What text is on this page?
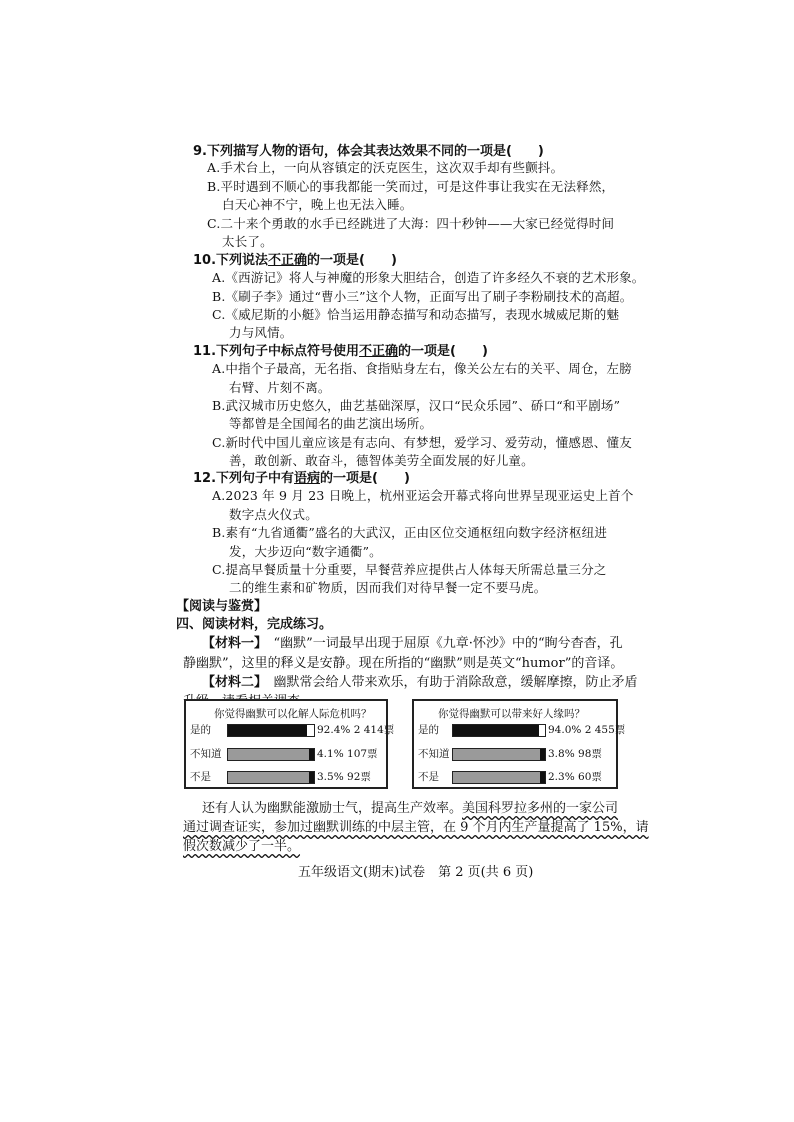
9.下列描写人物的语句，体会其表达效果不同的一项是(　　)
A.手术台上，一向从容镇定的沃克医生，这次双手却有些颤抖。
B.平时遇到不顺心的事我都能一笑而过，可是这件事让我实在无法释然，
白天心神不宁，晚上也无法入睡。
C.二十来个勇敢的水手已经跳进了大海：四十秒钟——大家已经觉得时间
太长了。
10.下列说法不正确的一项是(　　)
A.《西游记》将人与神魔的形象大胆结合，创造了许多经久不衰的艺术形象。
B.《刷子李》通过“曹小三”这个人物，正面写出了刷子李粉刷技术的高超。
C.《威尼斯的小艇》恰当运用静态描写和动态描写，表现水城威尼斯的魅
力与风情。
11.下列句子中标点符号使用不正确的一项是(　　)
A.中指个子最高，无名指、食指贴身左右，像关公左右的关平、周仓，左膀
右臂、片刻不离。
B.武汉城市历史悠久，曲艺基础深厚，汉口“民众乐园”、硚口“和平剧场”
等都曾是全国闻名的曲艺演出场所。
C.新时代中国儿童应该是有志向、有梦想，爱学习、爱劳动，懂感恩、懂友
善，敢创新、敢奋斗，德智体美劳全面发展的好儿童。
12.下列句子中有语病的一项是(　　)
A.2023 年 9 月 23 日晚上，杭州亚运会开幕式将向世界呈现亚运史上首个
数字点火仪式。
B.素有“九省通衢”盛名的大武汉，正由区位交通枢纽向数字经济枢纽进
发，大步迈向“数字通衢”。
C.提高早餐质量十分重要，早餐营养应提供占人体每天所需总量三分之
二的维生素和矿物质，因而我们对待早餐一定不要马虎。
【阅读与鉴赏】
四、阅读材料，完成练习。
【材料一】　“幽默”一词最早出现于屈原《九章·怀沙》中的“眴兮杳杳，孔
静幽默”，这里的释义是安静。现在所指的“幽默”则是英文“humor”的音译。
【材料二】　幽默常会给人带来欢乐，有助于消除敌意，缓解摩擦，防止矛盾
你觉得幽默可以化解人际危机吗？
是的	92.4% 2 414票
不知道	4.1% 107票
不是	3.5% 92票
你觉得幽默可以带来好人缘吗？
是的	94.0% 2 455票
不知道	3.8% 98票
不是	2.3% 60票
还有人认为幽默能激励士气，提高生产效率。美国科罗拉多州的一家公司
通过调查证实，参加过幽默训练的中层主管，在 9 个月内生产量提高了 15%，请
假次数减少了一半。
五年级语文(期末)试卷　第 2 页(共 6 页)
